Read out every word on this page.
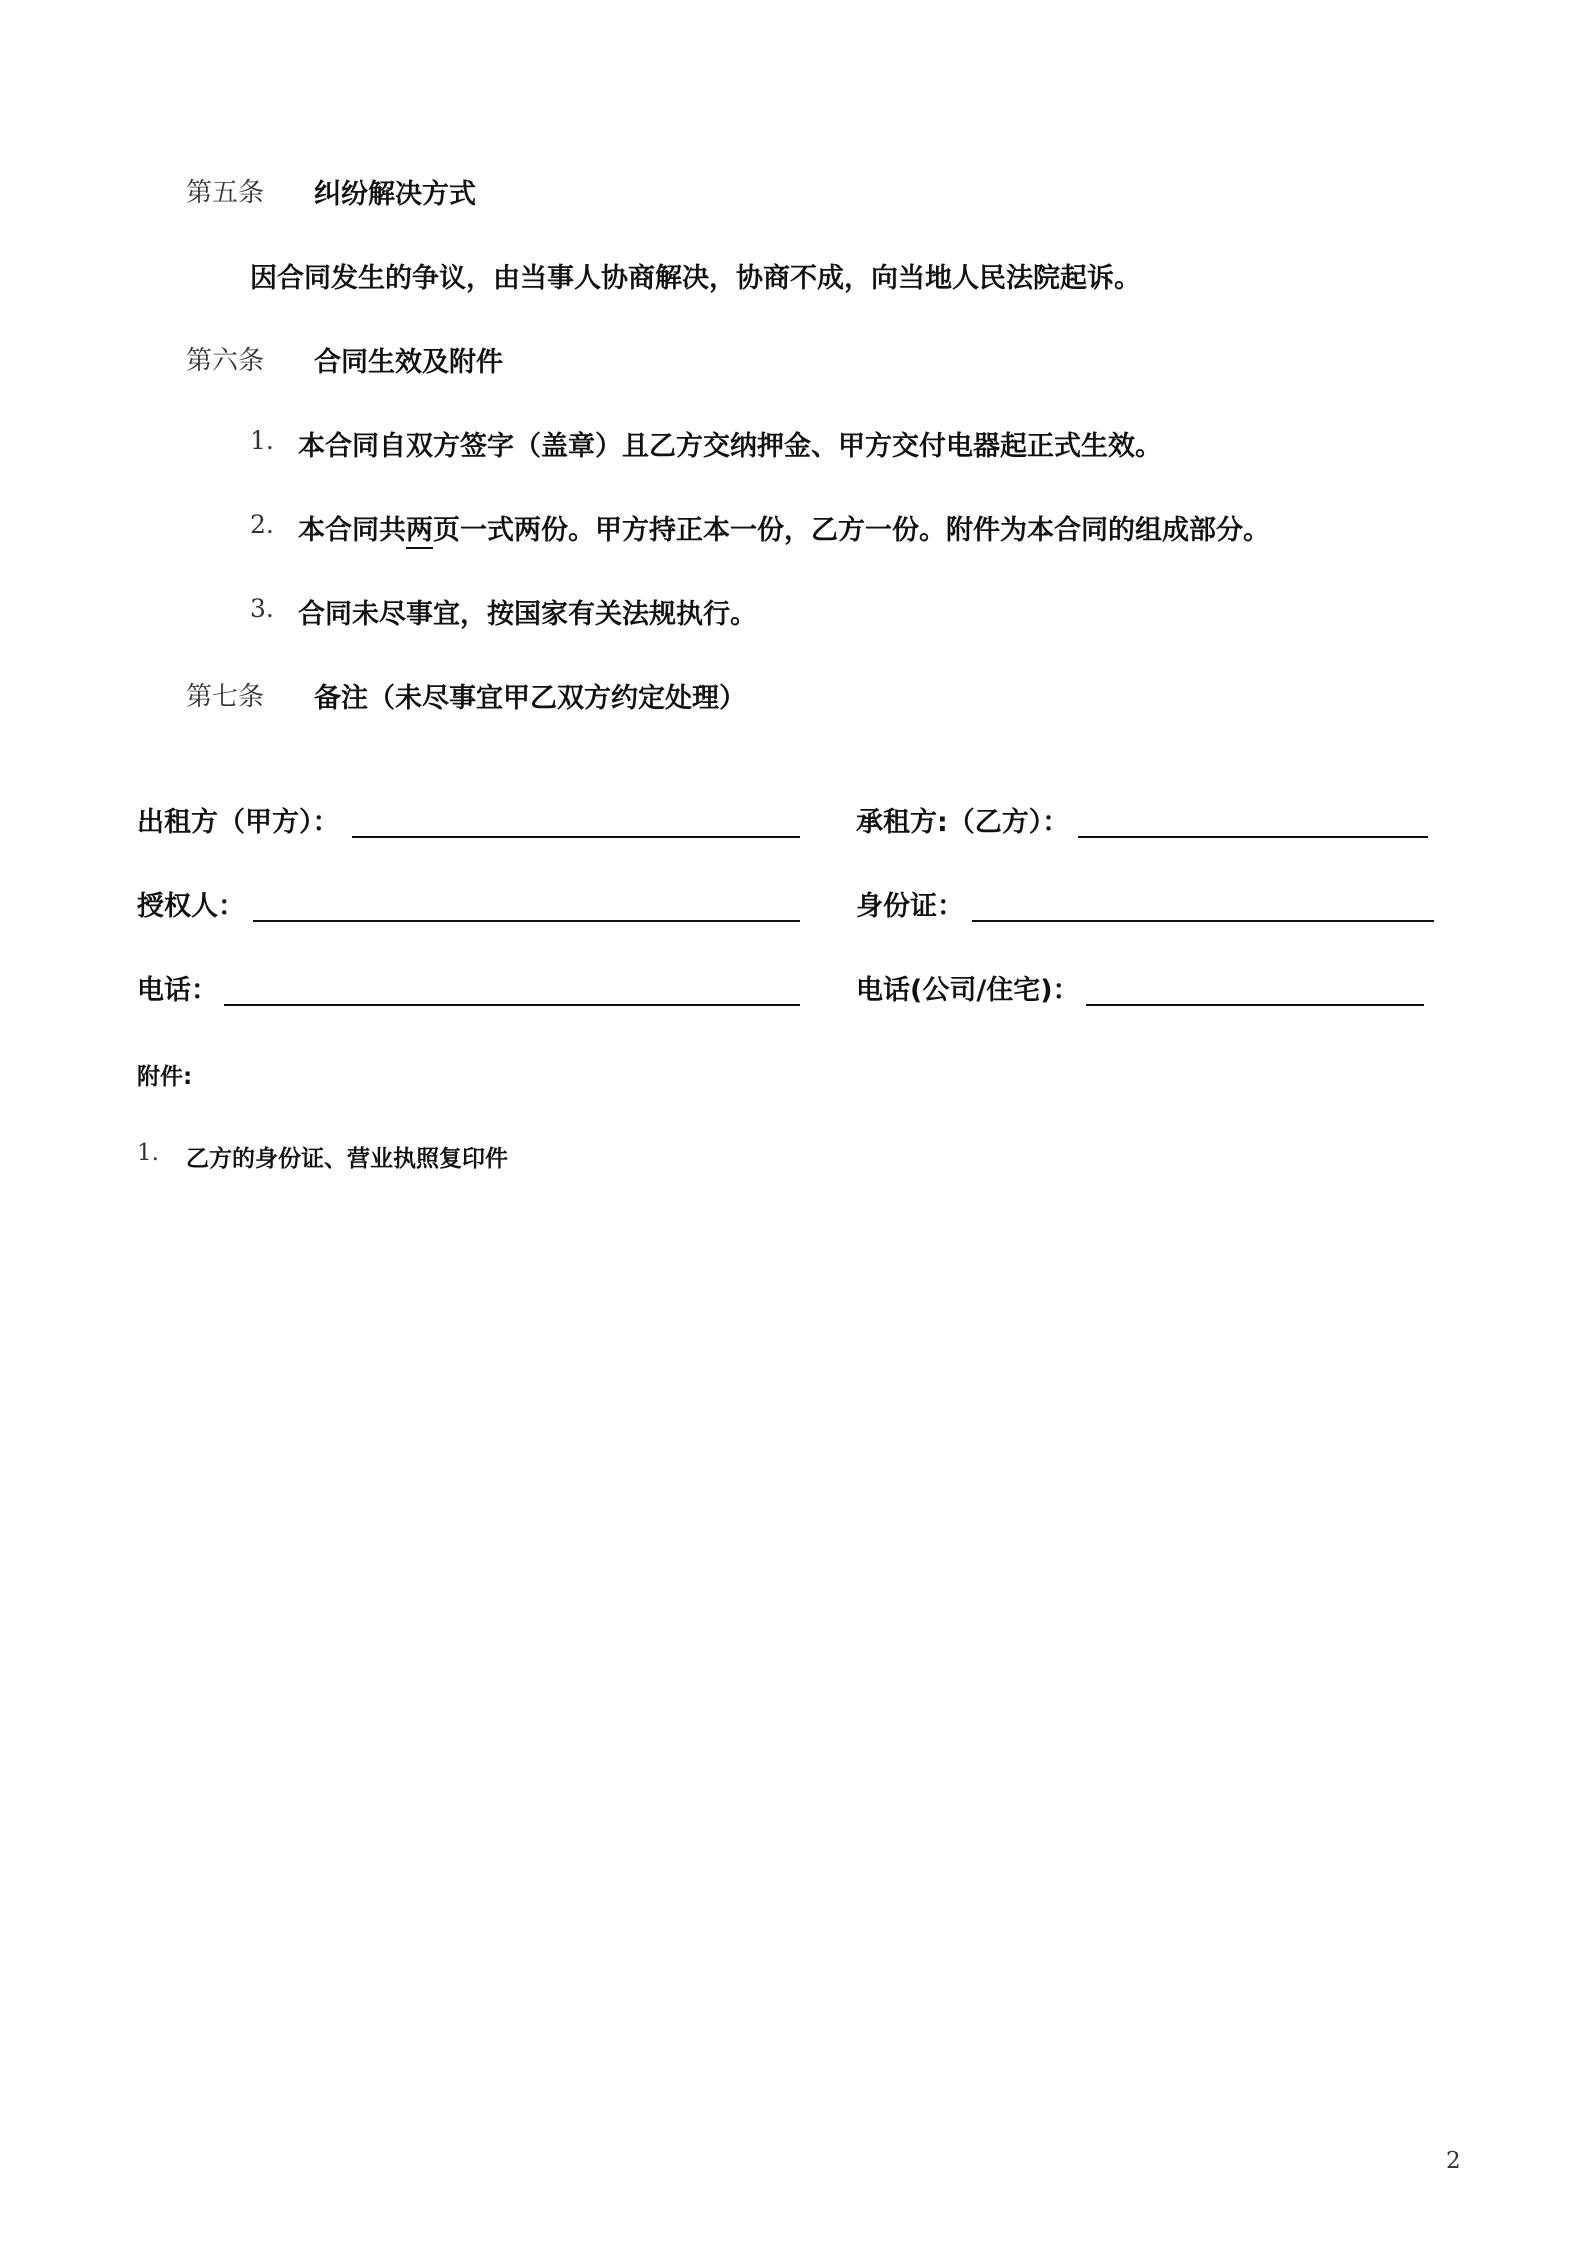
第五条 纠纷解决方式
因合同发生的争议，由当事人协商解决，协商不成，向当地人民法院起诉。
第六条 合同生效及附件
1. 本合同自双方签字（盖章）且乙方交纳押金、甲方交付电器起正式生效。
2. 本合同共两页一式两份。甲方持正本一份，乙方一份。附件为本合同的组成部分。
3. 合同未尽事宜，按国家有关法规执行。
第七条 备注（未尽事宜甲乙双方约定处理）
出租方（甲方）：	承租方:（乙方）：
授权人：	身份证：
电话：	电话(公司/住宅)：
附件:
1. 乙方的身份证、营业执照复印件
2
